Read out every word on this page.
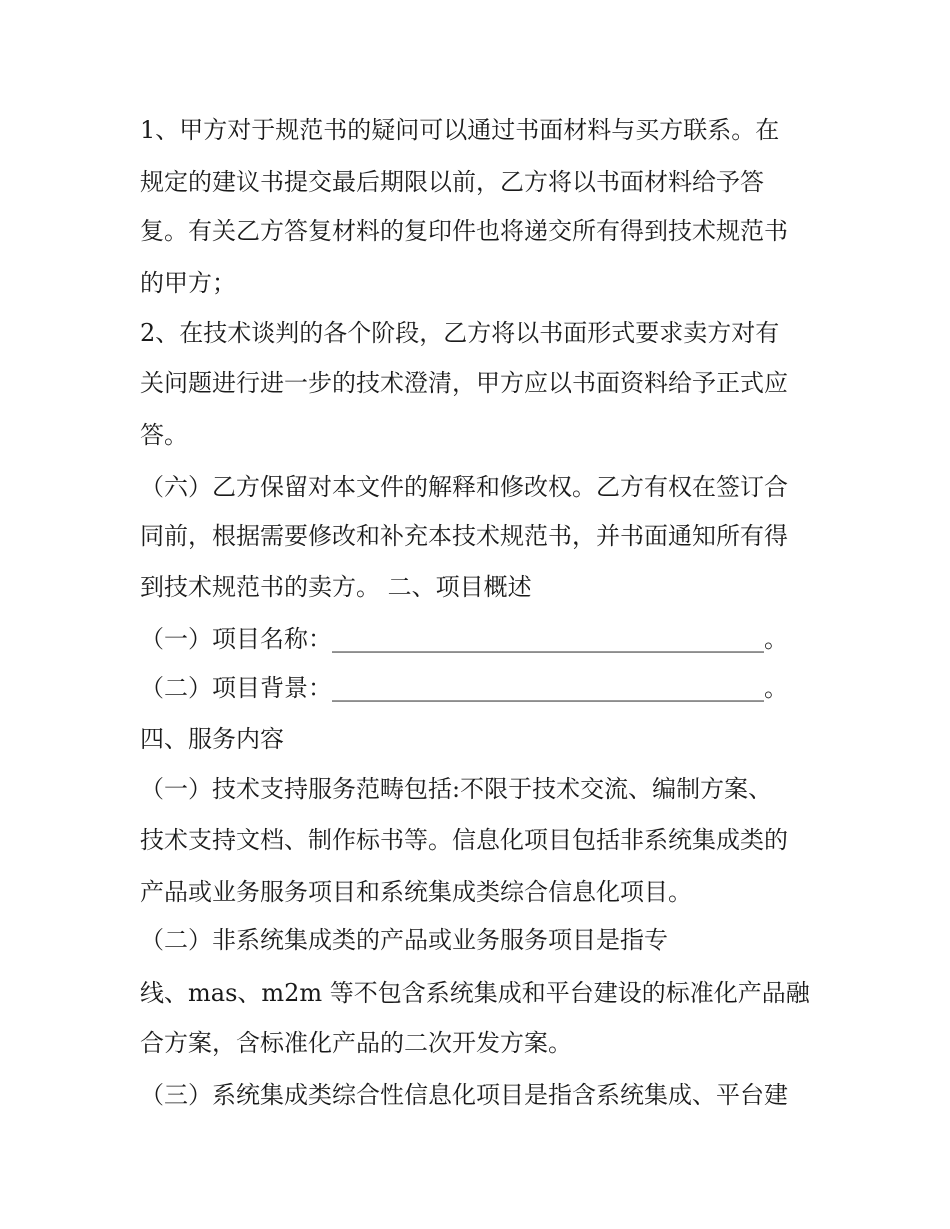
1、甲方对于规范书的疑问可以通过书面材料与买方联系。在
规定的建议书提交最后期限以前，乙方将以书面材料给予答
复。有关乙方答复材料的复印件也将递交所有得到技术规范书
的甲方；
2、在技术谈判的各个阶段，乙方将以书面形式要求卖方对有
关问题进行进一步的技术澄清，甲方应以书面资料给予正式应
答。
（六）乙方保留对本文件的解释和修改权。乙方有权在签订合
同前，根据需要修改和补充本技术规范书，并书面通知所有得
到技术规范书的卖方。 二、项目概述
（一）项目名称：____________________________________。
（二）项目背景：____________________________________。
四、服务内容
（一）技术支持服务范畴包括:不限于技术交流、编制方案、
技术支持文档、制作标书等。信息化项目包括非系统集成类的
产品或业务服务项目和系统集成类综合信息化项目。
（二）非系统集成类的产品或业务服务项目是指专
线、mas、m2m 等不包含系统集成和平台建设的标准化产品融
合方案，含标准化产品的二次开发方案。
（三）系统集成类综合性信息化项目是指含系统集成、平台建
